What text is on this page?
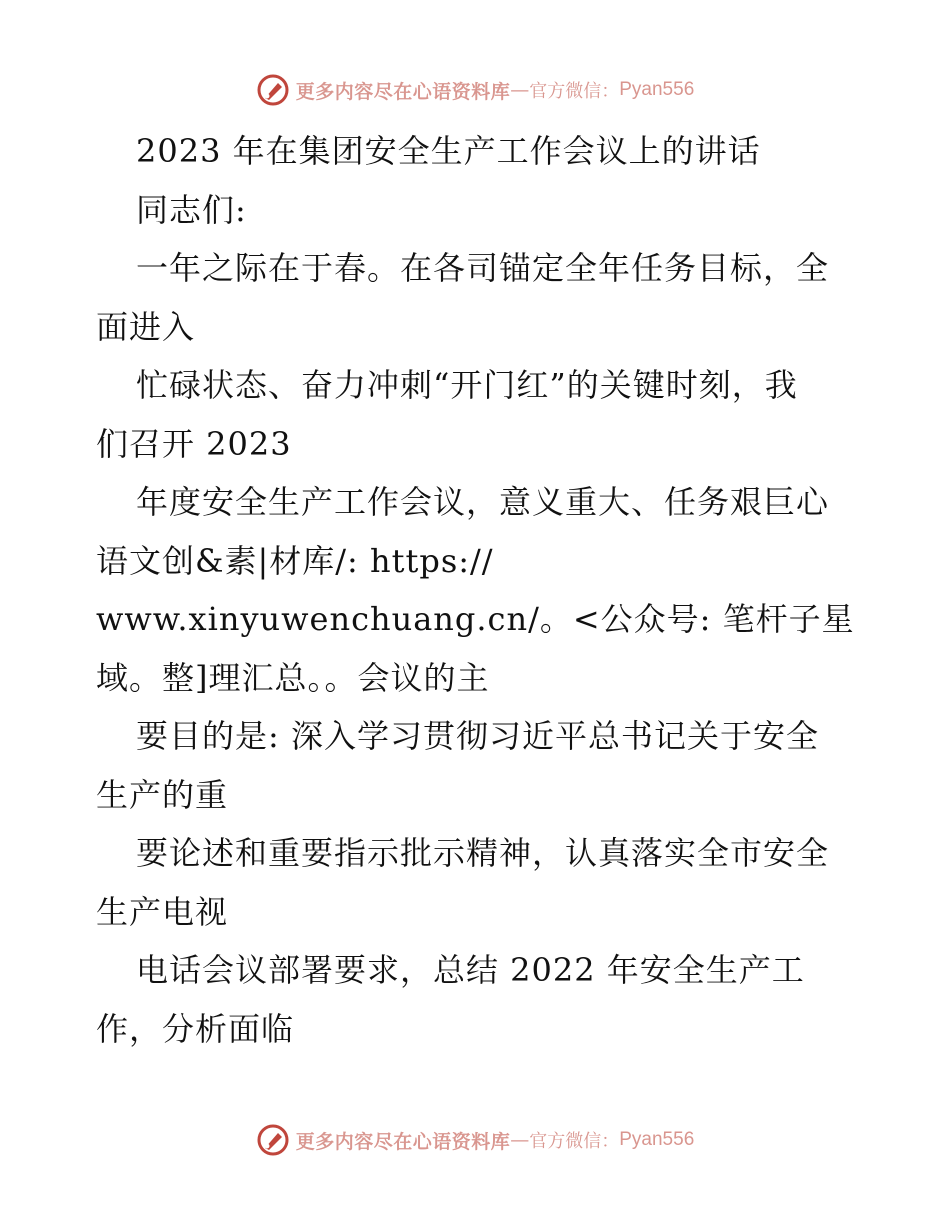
更多内容尽在心语资料库 — 官方微信： Pyan556
2023 年在集团安全生产工作会议上的讲话
同志们:
一年之际在于春。在各司锚定全年任务目标，全
面进入
忙碌状态、奋力冲刺“开门红”的关键时刻，我
们召开 2023
年度安全生产工作会议，意义重大、任务艰巨心
语文创&素|材库/: https://
www.xinyuwenchuang.cn/。<公众号: 笔杆子星
域。整]理汇总。。会议的主
要目的是: 深入学习贯彻习近平总书记关于安全
生产的重
要论述和重要指示批示精神，认真落实全市安全
生产电视
电话会议部署要求，总结 2022 年安全生产工
作，分析面临
更多内容尽在心语资料库 — 官方微信： Pyan556
